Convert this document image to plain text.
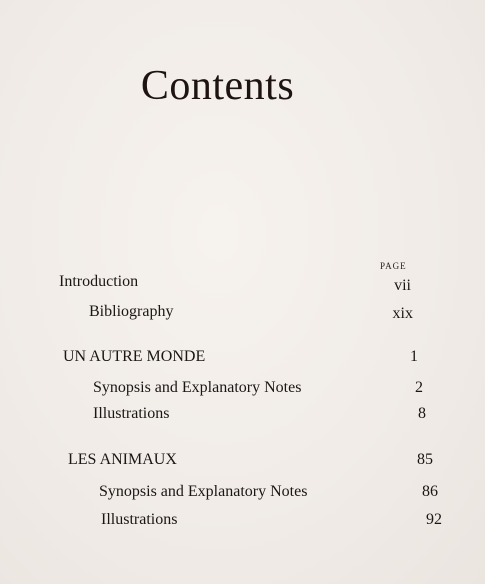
Contents
PAGE
Introduction	vii
Bibliography	xix
UN AUTRE MONDE	1
Synopsis and Explanatory Notes	2
Illustrations	8
LES ANIMAUX	85
Synopsis and Explanatory Notes	86
Illustrations	92
